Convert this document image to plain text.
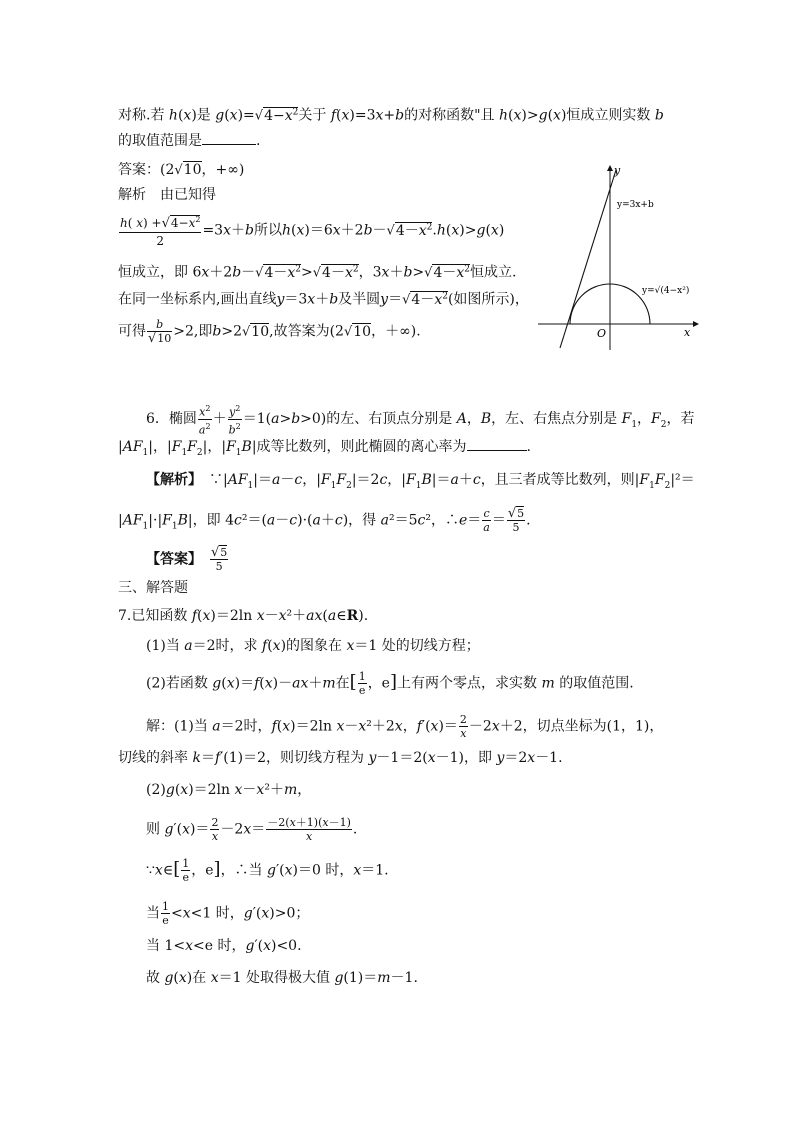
对称.若 h(x)是 $g(x)=√4-x^2$关于 f(x)=3x+b的对称函数"且 h(x)>g(x)恒成立则实数 b
的取值范围是	.
答案：(2√10，+∞)
解析　由已知得
$\frac{h( x) +√4-x^2}{2} =3x+b$所以$h(x)=6x+2b-√4-x^2.h(x)>g(x)$
恒成立，即 $6x+2b-√4-x^2>√4-x^2$，$3x+b>√4-x^2$恒成立.
在同一坐标系内,画出直线y＝3x＋b及半圆$y=√4-x^2$(如图所示)，
可得 $\frac{b}{√10} >2$,即b>2√10,故答案为(2√10，＋∞).
y
x
O
y=3x+b
y=√(4−x²)
6．椭圆 $\frac{x^2}{a^2} + \frac{y^2}{b^2} =1(a>b>0)$的左、右顶点分别是 A，B，左、右焦点分别是 $F_1$，$F_2$，若
$|AF_1|$，$|F_1F_2|$，$|F_1B|$成等比数列，则此椭圆的离心率为	.
【解析】　$\because|AF_1|=a-c$，$|F_1F_2|=2c$，$|F_1B|=a+c$，且三者成等比数列，则$|F_1F_2|^2=$
$|AF_1|\cdot|F_1B|$，即 4c²＝(a－c)·(a＋c)，得 a²＝5c²，∴e＝ $\frac{c}{a} = \frac{√5}{5}$ .
【答案】　 $\frac{√5}{5}$
三、解答题
7.已知函数 f(x)＝2ln x－x²＋ax(a∈R).
(1)当 a＝2时，求 f(x)的图象在 x＝1 处的切线方程；
(2)若函数 g(x)＝f(x)－ax＋m在[ $\frac{1}{e}$ ，e]上有两个零点，求实数 m 的取值范围.
解：(1)当 a＝2时，f(x)＝2ln x－x²＋2x，$f'(x)= \frac{2}{x} -2x+2$，切点坐标为(1，1)，
切线的斜率 k＝f′(1)＝2，则切线方程为 y－1＝2(x－1)，即 y＝2x－1.
(2)g(x)＝2ln x－x²＋m，
则 $g'(x)= \frac{2}{x} -2x= \frac{-2(x+1)(x-1)}{x}$ .
∵x∈[ $\frac{1}{e}$ ，e]，∴当 g′(x)＝0 时，x＝1.
当 $\frac{1}{e} <x<1$ 时，g′(x)>0；
当 1<x<e 时，g′(x)<0.
故 g(x)在 x＝1 处取得极大值 g(1)＝m－1.
